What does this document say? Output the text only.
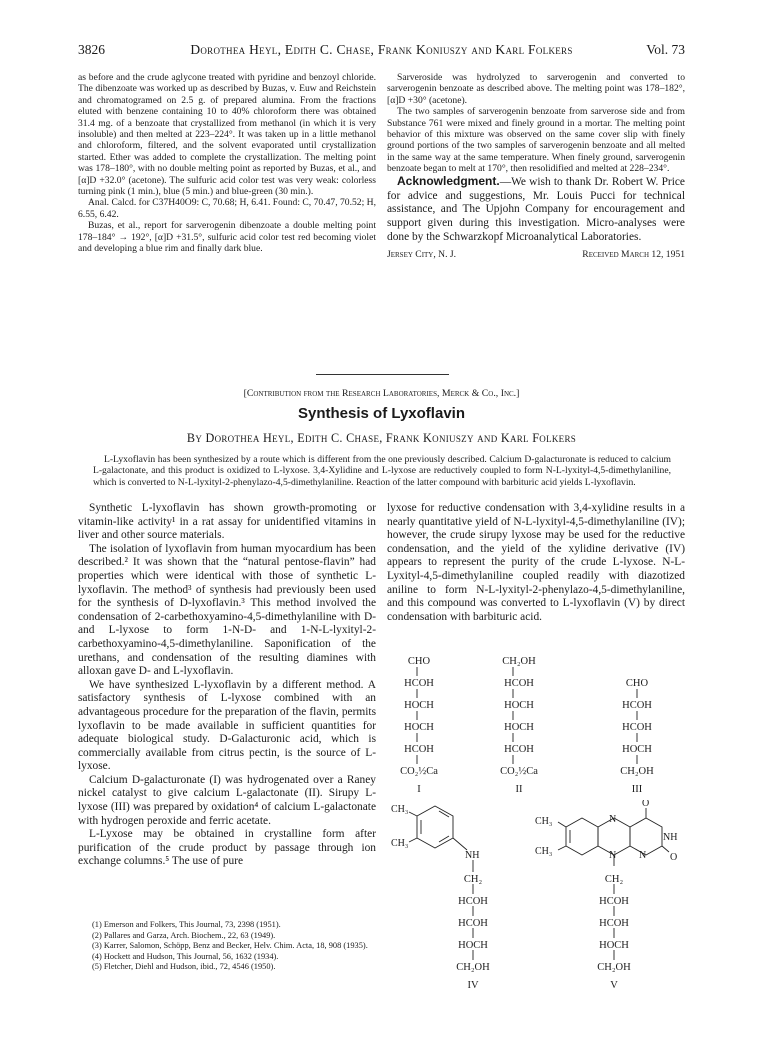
3826	Dorothea Heyl, Edith C. Chase, Frank Koniuszy and Karl Folkers	Vol. 73

as before and the crude aglycone treated with pyridine and benzoyl chloride. The dibenzoate was worked up as described by Buzas, v. Euw and Reichstein and chromatogramed on 2.5 g. of prepared alumina. From the fractions eluted with benzene containing 10 to 40% chloroform there was obtained 31.4 mg. of a benzoate that crystallized from methanol (in which it is very insoluble) and then melted at 223–224°. It was taken up in a little methanol and chloroform, filtered, and the solvent evaporated until crystallization started. Ether was added to complete the crystallization. The melting point was 178–180°, with no double melting point as reported by Buzas, et al., and [α]D +32.0° (acetone). The sulfuric acid color test was very weak: colorless turning pink (1 min.), blue (5 min.) and blue-green (30 min.).

Anal. Calcd. for C37H40O9: C, 70.68; H, 6.41. Found: C, 70.47, 70.52; H, 6.55, 6.42.

Buzas, et al., report for sarverogenin dibenzoate a double melting point 178–184° → 192°, [α]D +31.5°, sulfuric acid color test red becoming violet and developing a blue rim and finally dark blue.

Sarveroside was hydrolyzed to sarverogenin and converted to sarverogenin benzoate as described above. The melting point was 178–182°, [α]D +30° (acetone).

The two samples of sarverogenin benzoate from sarverose side and from Substance 761 were mixed and finely ground in a mortar. The melting point behavior of this mixture was observed on the same cover slip with finely ground portions of the two samples of sarverogenin benzoate and all melted in the same way at the same temperature. When finely ground, sarverogenin benzoate began to melt at 170°, then resolidified and melted at 228–234°.

Acknowledgment.—We wish to thank Dr. Robert W. Price for advice and suggestions, Mr. Louis Pucci for technical assistance, and The Upjohn Company for encouragement and support given during this investigation. Micro-analyses were done by the Schwarzkopf Microanalytical Laboratories.

Jersey City, N. J.	Received March 12, 1951
[Contribution from the Research Laboratories, Merck & Co., Inc.]
Synthesis of Lyxoflavin
By Dorothea Heyl, Edith C. Chase, Frank Koniuszy and Karl Folkers
L-Lyxoflavin has been synthesized by a route which is different from the one previously described. Calcium D-galacturonate is reduced to calcium L-galactonate, and this product is oxidized to L-lyxose. 3,4-Xylidine and L-lyxose are reductively coupled to form N-L-lyxityl-4,5-dimethylaniline, which is converted to N-L-lyxityl-2-phenylazo-4,5-dimethylaniline. Reaction of the latter compound with barbituric acid yields L-lyxoflavin.

Synthetic L-lyxoflavin has shown growth-promoting or vitamin-like activity¹ in a rat assay for unidentified vitamins in liver and other source materials.

The isolation of lyxoflavin from human myocardium has been described.² It was shown that the “natural pentose-flavin” had properties which were identical with those of synthetic L-lyxoflavin. The method³ of synthesis had previously been used for the synthesis of D-lyxoflavin.³ This method involved the condensation of 2-carbethoxyamino-4,5-dimethylaniline with D- and L-lyxose to form 1-N-D- and 1-N-L-lyxityl-2-carbethoxyamino-4,5-dimethylaniline. Saponification of the urethans, and condensation of the resulting diamines with alloxan gave D- and L-lyxoflavin.

We have synthesized L-lyxoflavin by a different method. A satisfactory synthesis of L-lyxose combined with an advantageous procedure for the preparation of the flavin, permits lyxoflavin to be made available in sufficient quantities for adequate biological study. D-Galacturonic acid, which is commercially available from citrus pectin, is the source of L-lyxose.

Calcium D-galacturonate (I) was hydrogenated over a Raney nickel catalyst to give calcium L-galactonate (II). Sirupy L-lyxose (III) was prepared by oxidation⁴ of calcium L-galactonate with hydrogen peroxide and ferric acetate.

L-Lyxose may be obtained in crystalline form after purification of the crude product by passage through ion exchange columns.⁵ The use of pure

(1) Emerson and Folkers, This Journal, 73, 2398 (1951).
(2) Pallares and Garza, Arch. Biochem., 22, 63 (1949).
(3) Karrer, Salomon, Schöpp, Benz and Becker, Helv. Chim. Acta, 18, 908 (1935).
(4) Hockett and Hudson, This Journal, 56, 1632 (1934).
(5) Fletcher, Diehl and Hudson, ibid., 72, 4546 (1950).

lyxose for reductive condensation with 3,4-xylidine results in a nearly quantitative yield of N-L-lyxityl-4,5-dimethylaniline (IV); however, the crude sirupy lyxose may be used for the reductive condensation, and the yield of the xylidine derivative (IV) appears to represent the purity of the crude L-lyxose. N-L-Lyxityl-4,5-dimethylaniline coupled readily with diazotized aniline to form N-L-lyxityl-2-phenylazo-4,5-dimethylaniline, and this compound was converted to L-lyxoflavin (V) by direct condensation with barbituric acid.

CHO
HCOH
HOCH
HOCH
HCOH
CO₂½Ca
I
CH₂OH
HCOH
HOCH
HOCH
HCOH
CO₂½Ca
II
CHO
HCOH
HCOH
HOCH
CH₂OH
III
CH₃
CH₃
NH
CH₂
HCOH
HCOH
HOCH
CH₂OH
IV
CH₃
CH₃
N
N N
NH
O
O
CH₂
HCOH
HCOH
HOCH
CH₂OH
V
